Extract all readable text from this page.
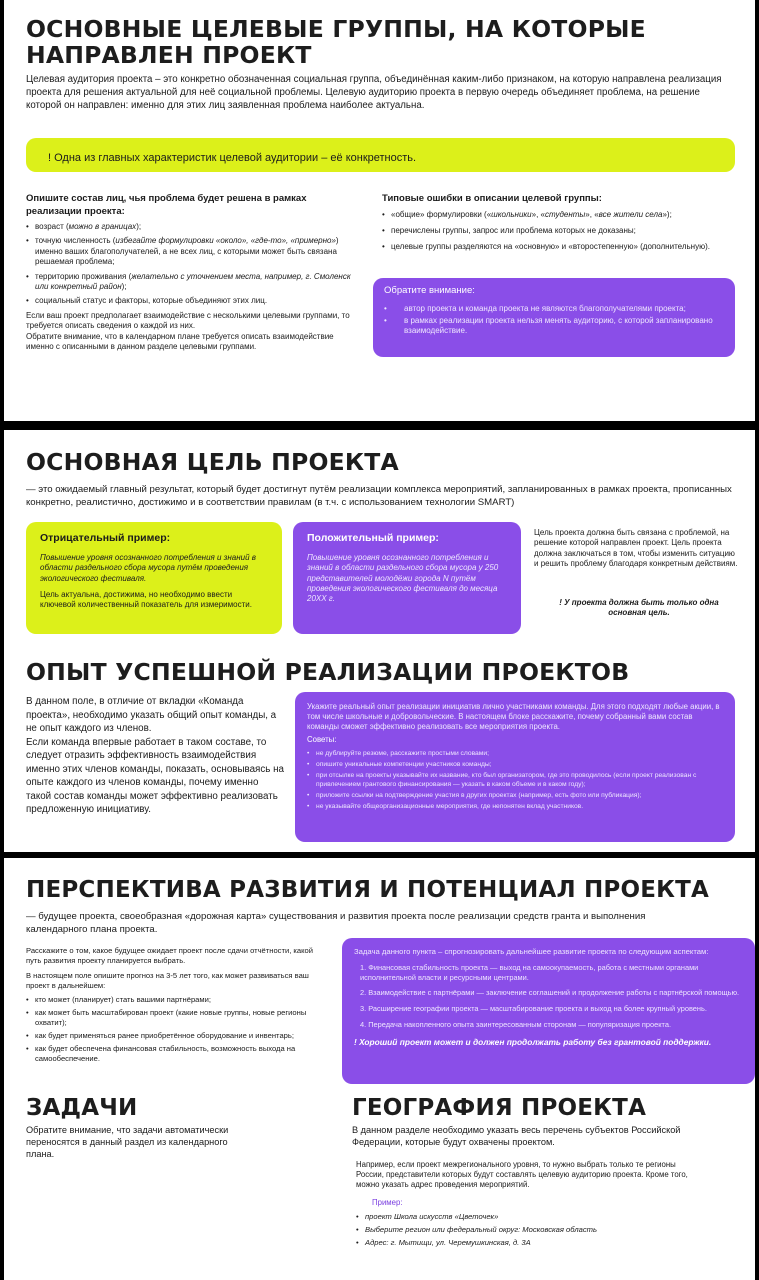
ОСНОВНЫЕ ЦЕЛЕВЫЕ ГРУППЫ, НА КОТОРЫЕ
НАПРАВЛЕН ПРОЕКТ

Целевая аудитория проекта – это конкретно обозначенная социальная группа, объединённая каким-либо признаком, на которую направлена реализация проекта для решения актуальной для неё социальной проблемы. Целевую аудиторию проекта в первую очередь объединяет проблема, на решение которой он направлен: именно для этих лиц заявленная проблема наиболее актуальна.

! Одна из главных характеристик целевой аудитории – её конкретность.

Опишите состав лиц, чья проблема будет решена в рамках реализации проекта:

• возраст (можно в границах);
• точную численность (избегайте формулировки «около», «где-то», «примерно») именно ваших благополучателей, а не всех лиц, с которыми может быть связана решаемая проблема;
• территорию проживания (желательно с уточнением места, например, г. Смоленск или конкретный район);
• социальный статус и факторы, которые объединяют этих лиц.

Если ваш проект предполагает взаимодействие с несколькими целевыми группами, то требуется описать сведения о каждой из них.

Обратите внимание, что в календарном плане требуется описать взаимодействие именно с описанными в данном разделе целевыми группами.

Типовые ошибки в описании целевой группы:

• «общие» формулировки («школьники», «студенты», «все жители села»);
• перечислены группы, запрос или проблема которых не доказаны;
• целевые группы разделяются на «основную» и «второстепенную» (дополнительную).

Обратите внимание:

• автор проекта и команда проекта не являются благополучателями проекта;
• в рамках реализации проекта нельзя менять аудиторию, с которой запланировано взаимодействие.
ОСНОВНАЯ ЦЕЛЬ ПРОЕКТА

— это ожидаемый главный результат, который будет достигнут путём реализации комплекса мероприятий, запланированных в рамках проекта, прописанных конкретно, реалистично, достижимо и в соответствии правилам (в т.ч. с использованием технологии SMART)

Отрицательный пример:

Повышение уровня осознанного потребления и знаний в области раздельного сбора мусора путём проведения экологического фестиваля.

Цель актуальна, достижима, но необходимо ввести ключевой количественный показатель для измеримости.

Положительный пример:

Повышение уровня осознанного потребления и знаний в области раздельного сбора мусора у 250 представителей молодёжи города N путём проведения экологического фестиваля до месяца 20ХХ г.

Цель проекта должна быть связана с проблемой, на решение которой направлен проект. Цель проекта должна заключаться в том, чтобы изменить ситуацию и решить проблему благодаря конкретным действиям.

! У проекта должна быть только одна основная цель.

ОПЫТ УСПЕШНОЙ РЕАЛИЗАЦИИ ПРОЕКТОВ

В данном поле, в отличие от вкладки «Команда проекта», необходимо указать общий опыт команды, а не опыт каждого из членов.

Если команда впервые работает в таком составе, то следует отразить эффективность взаимодействия именно этих членов команды, показать, основываясь на опыте каждого из членов команды, почему именно такой состав команды может эффективно реализовать предложенную инициативу.

Укажите реальный опыт реализации инициатив лично участниками команды. Для этого подходят любые акции, в том числе школьные и добровольческие. В настоящем блоке расскажите, почему собранный вами состав команды сможет эффективно реализовать все мероприятия проекта.

Советы:

• не дублируйте резюме, расскажите простыми словами;
• опишите уникальные компетенции участников команды;
• при отсылке на проекты указывайте их название, кто был организатором, где это проводилось (если проект реализован с привлечением грантового финансирования — указать в каком объеме и в каком году);
• приложите ссылки на подтверждение участия в других проектах (например, есть фото или публикация);
• не указывайте общеорганизационные мероприятия, где непонятен вклад участников.
ПЕРСПЕКТИВА РАЗВИТИЯ И ПОТЕНЦИАЛ ПРОЕКТА

— будущее проекта, своеобразная «дорожная карта» существования и развития проекта после реализации средств гранта и выполнения календарного плана проекта.

Расскажите о том, какое будущее ожидает проект после сдачи отчётности, какой путь развития проекту планируется выбрать.

В настоящем поле опишите прогноз на 3-5 лет того, как может развиваться ваш проект в дальнейшем:

• кто может (планирует) стать вашими партнёрами;
• как может быть масштабирован проект (какие новые группы, новые регионы охватит);
• как будет применяться ранее приобретённое оборудование и инвентарь;
• как будет обеспечена финансовая стабильность, возможность выхода на самообеспечение.

Задача данного пункта – спрогнозировать дальнейшее развитие проекта по следующим аспектам:

1. Финансовая стабильность проекта — выход на самоокупаемость, работа с местными органами исполнительной власти и ресурсными центрами.

2. Взаимодействие с партнёрами — заключение соглашений и продолжение работы с партнёрской помощью.

3. Расширение географии проекта — масштабирование проекта и выход на более крупный уровень.

4. Передача накопленного опыта заинтересованным сторонам — популяризация проекта.

! Хороший проект может и должен продолжать работу без грантовой поддержки.

ЗАДАЧИ

Обратите внимание, что задачи автоматически переносятся в данный раздел из календарного плана.

ГЕОГРАФИЯ ПРОЕКТА

В данном разделе необходимо указать весь перечень субъектов Российской Федерации, которые будут охвачены проектом.

Например, если проект межрегионального уровня, то нужно выбрать только те регионы России, представители которых будут составлять целевую аудиторию проекта. Кроме того, можно указать адрес проведения мероприятий.

Пример:

• проект Школа искусств «Цветочек»
• Выберите регион или федеральный округ: Московская область
• Адрес: г. Мытищи, ул. Черемушкинская, д. 3А
